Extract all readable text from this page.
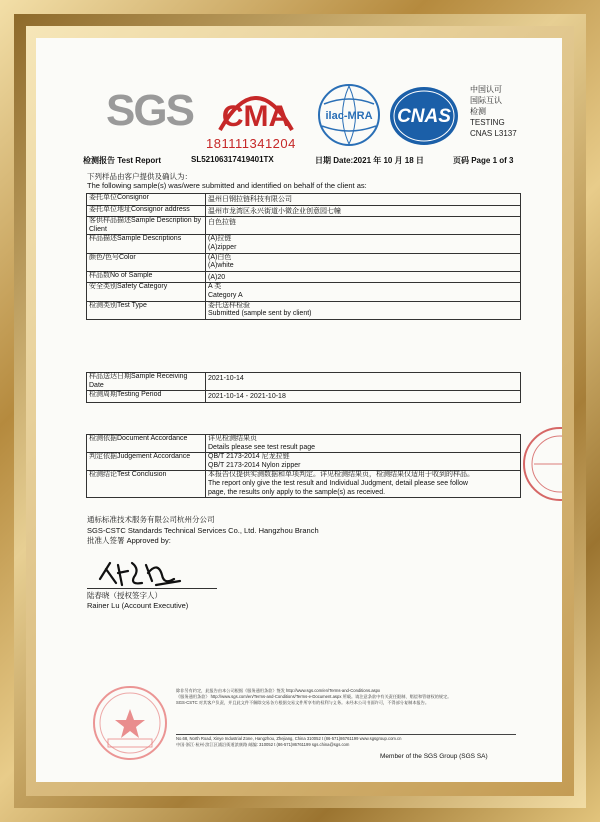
SGS CMA
181111341204
ilac-MRA CNAS
中国认可
国际互认
检测
TESTING
CNAS L3137
检测报告 Test Report	SL52106317419401TX	日期 Date:2021 年 10 月 18 日	页码 Page 1 of 3
下列样品由客户提供及确认为：
The following sample(s) was/were submitted and identified on behalf of the client as:
委托单位Consignor	温州日钢拉链科技有限公司

委托单位地址Consignor address	温州市龙湾区永兴街道小微企业创意园七幢

客供样品描述Sample Description by Client	白色拉链

样品描述Sample Descriptions	(A)拉链
(A)zipper

颜色/色号Color	(A)白色
(A)white

样品数No of Sample	(A)20

安全类别Safety Category	A 类
Category A

检测类别Test Type	委托送样检验
Submitted (sample sent by client)
样品送达日期Sample Receiving Date	2021-10-14

检测周期Testing Period	2021-10-14 - 2021-10-18
检测依据Document Accordance	详见检测结果页
Details please see test result page

判定依据Judgement Accordance	QB/T 2173-2014 尼龙拉链
QB/T 2173-2014 Nylon zipper

检测结论Test Conclusion	本报告仅提供实测数据和单项判定。详见检测结果页，检测结果仅适用于收到的样品。
The report only give the test result and Individual Judgment, detail please see follow
page, the results only apply to the sample(s) as received.
通标标准技术服务有限公司杭州分公司
SGS-CSTC Standards Technical Services Co., Ltd. Hangzhou Branch
批准人签署 Approved by:
陆春晓（授权签字人）
Rainer Lu (Account Executive)
除非另有约定，此报告由本公司根据《服务通用条款》签发 http://www.sgs.com/en/Terms-and-Conditions.aspx
《服务通用条款》 http://www.sgs.com/en/Terms-and-Conditions/Terms-e-Document.aspx 所载。请注意条款中有关责任限制、赔偿和管辖权的规定。
SGS-CSTC 对其客户负责，并且此文件不解除交易各方根据交易文件所享有的权利与义务。未经本公司书面许可，不得部分复制本报告。
No.68, North Road, Xinye Industrial Zone, Hangzhou, Zhejiang, China 310052 t (86-571)86761199 www.sgsgroup.com.cn
中国·浙江·杭州·滨江区浦沿街道滨康路 邮编: 310052 t (86-571)86761199 sgs.china@sgs.com
Member of the SGS Group (SGS SA)
